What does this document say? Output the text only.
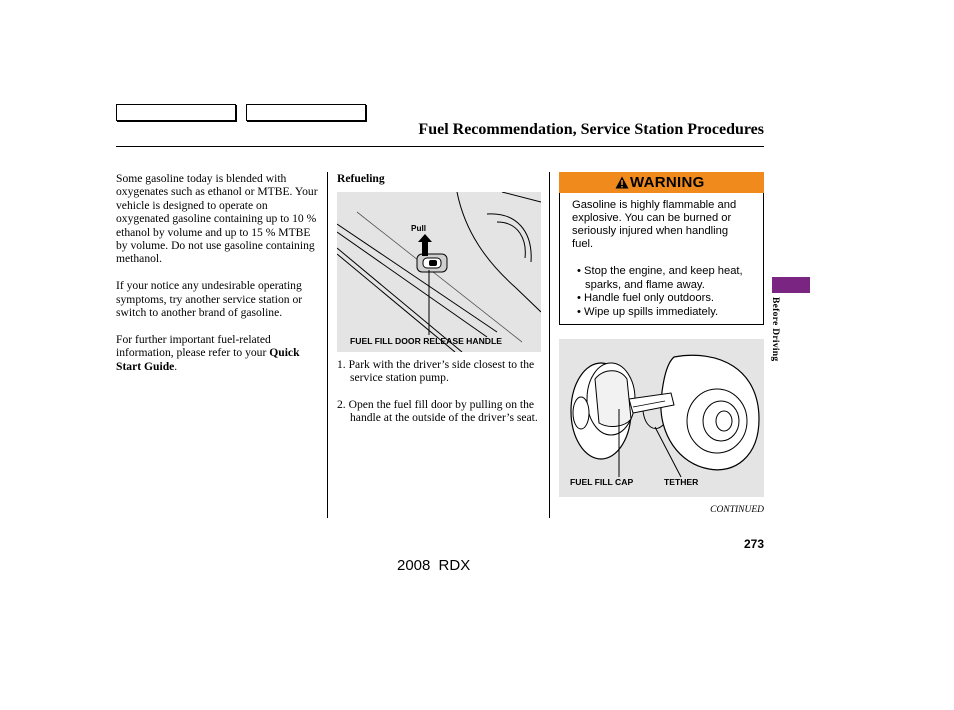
Fuel Recommendation, Service Station Procedures

Some gasoline today is blended with oxygenates such as ethanol or MTBE. Your vehicle is designed to operate on oxygenated gasoline containing up to 10 % ethanol by volume and up to 15 % MTBE by volume. Do not use gasoline containing methanol.

If your notice any undesirable operating symptoms, try another service station or switch to another brand of gasoline.

For further important fuel-related information, please refer to your Quick Start Guide.

Refueling
Pull
FUEL FILL DOOR RELEASE HANDLE
1. Park with the driver’s side closest to the service station pump.
2. Open the fuel fill door by pulling on the handle at the outside of the driver’s seat.
WARNING
Gasoline is highly flammable and explosive. You can be burned or seriously injured when handling fuel.
• Stop the engine, and keep heat, sparks, and flame away.
• Handle fuel only outdoors.
• Wipe up spills immediately.
FUEL FILL CAP	TETHER
Before Driving
CONTINUED
273
2008 RDX
